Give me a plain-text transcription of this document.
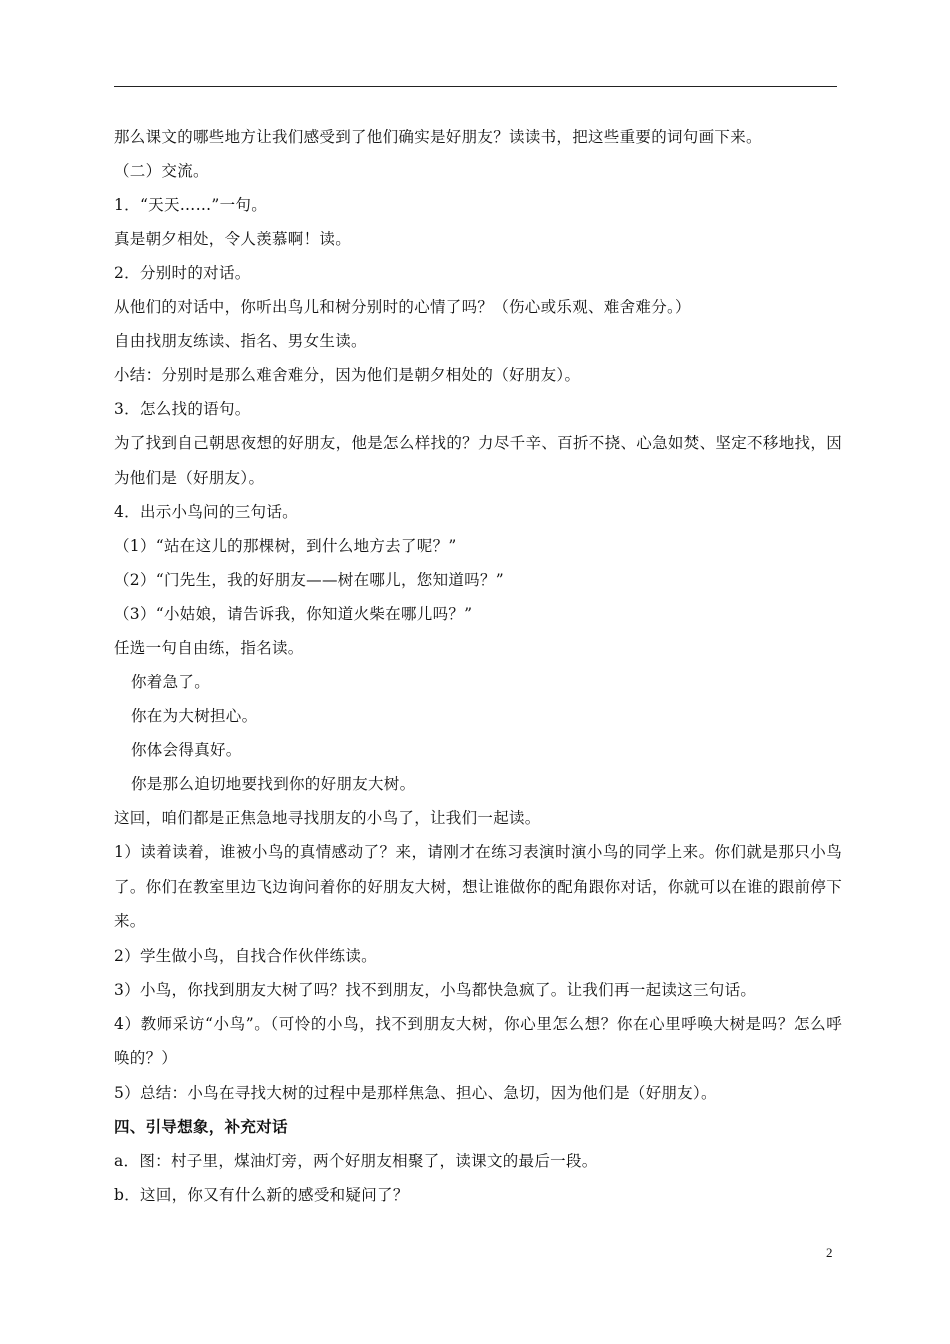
那么课文的哪些地方让我们感受到了他们确实是好朋友？读读书，把这些重要的词句画下来。
（二）交流。
1．“天天……”一句。
真是朝夕相处，令人羡慕啊！读。
2．分别时的对话。
从他们的对话中，你听出鸟儿和树分别时的心情了吗？（伤心或乐观、难舍难分。）
自由找朋友练读、指名、男女生读。
小结：分别时是那么难舍难分，因为他们是朝夕相处的（好朋友）。
3．怎么找的语句。
为了找到自己朝思夜想的好朋友，他是怎么样找的？力尽千辛、百折不挠、心急如焚、坚定不移地找，因为他们是（好朋友）。
4．出示小鸟问的三句话。
（1）“站在这儿的那棵树，到什么地方去了呢？”
（2）“门先生，我的好朋友——树在哪儿，您知道吗？”
（3）“小姑娘，请告诉我，你知道火柴在哪儿吗？”
任选一句自由练，指名读。
你着急了。
你在为大树担心。
你体会得真好。
你是那么迫切地要找到你的好朋友大树。
这回，咱们都是正焦急地寻找朋友的小鸟了，让我们一起读。
1）读着读着，谁被小鸟的真情感动了？来，请刚才在练习表演时演小鸟的同学上来。你们就是那只小鸟了。你们在教室里边飞边询问着你的好朋友大树，想让谁做你的配角跟你对话，你就可以在谁的跟前停下来。
2）学生做小鸟，自找合作伙伴练读。
3）小鸟，你找到朋友大树了吗？找不到朋友，小鸟都快急疯了。让我们再一起读这三句话。
4）教师采访“小鸟”。（可怜的小鸟，找不到朋友大树，你心里怎么想？你在心里呼唤大树是吗？怎么呼唤的？）
5）总结：小鸟在寻找大树的过程中是那样焦急、担心、急切，因为他们是（好朋友）。
四、引导想象，补充对话
a．图：村子里，煤油灯旁，两个好朋友相聚了，读课文的最后一段。
b．这回，你又有什么新的感受和疑问了？
2
